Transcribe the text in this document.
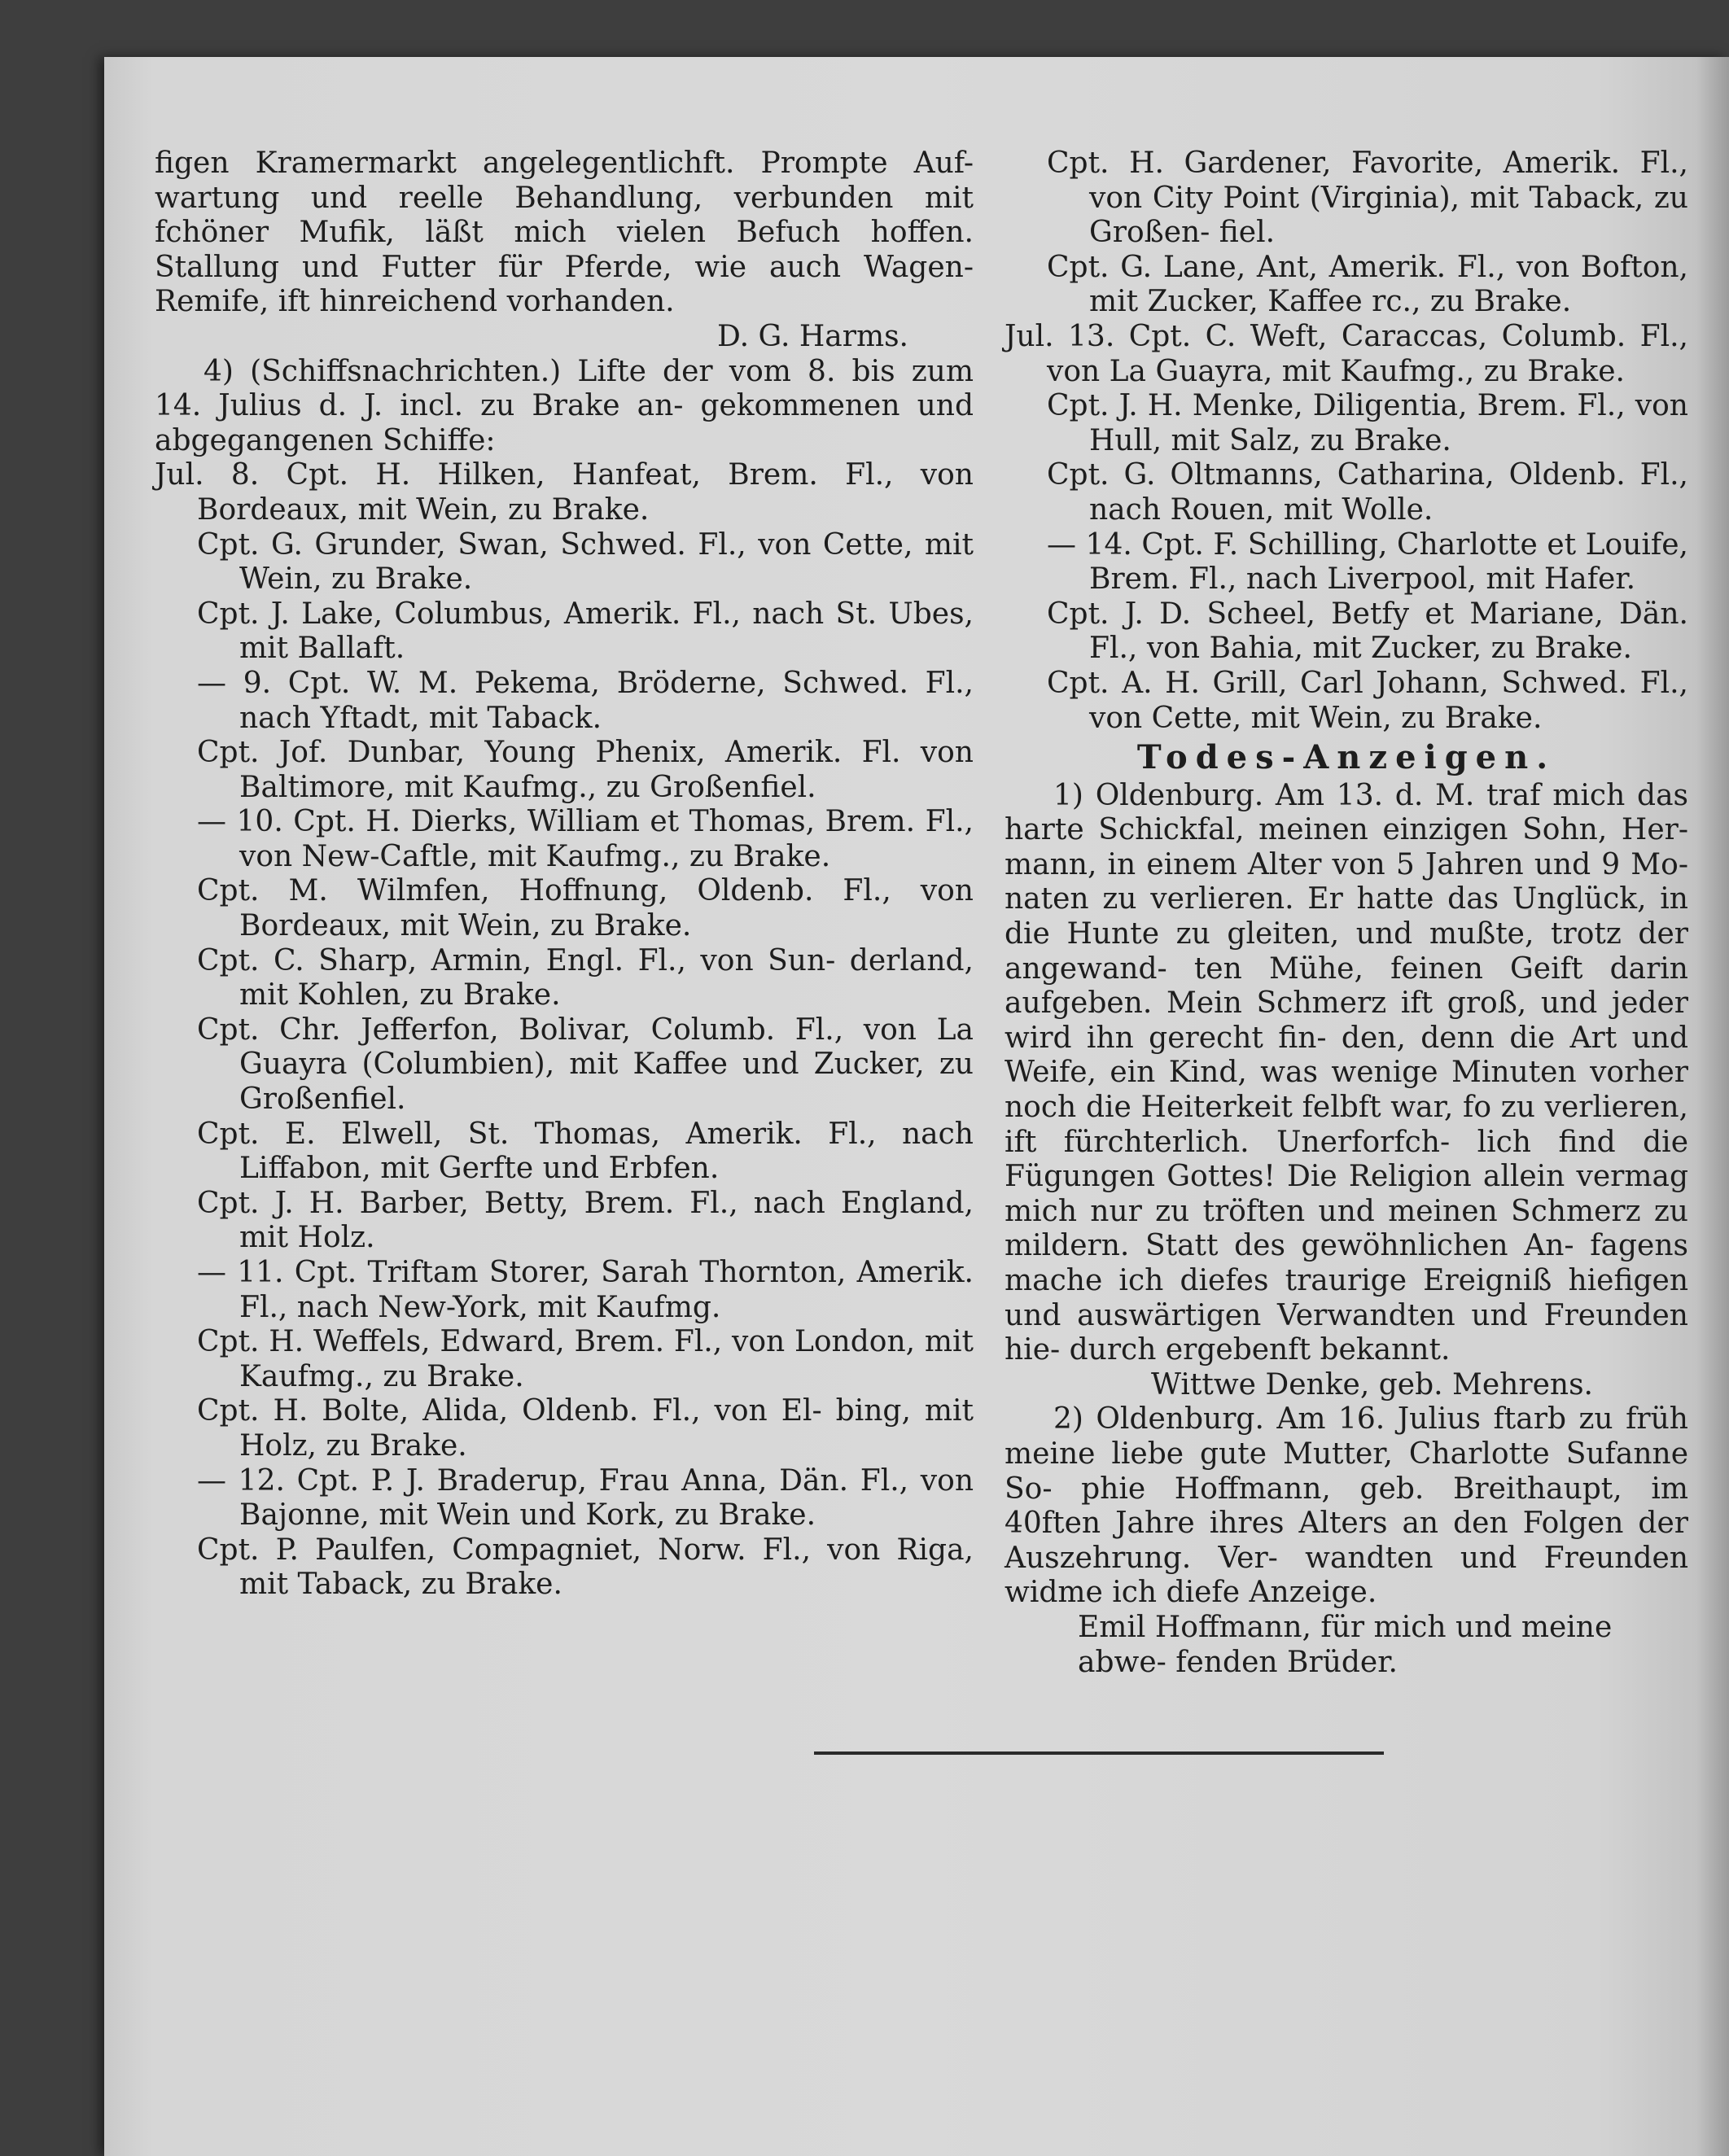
figen Kramermarkt angelegentlichft. Prompte Auf- wartung und reelle Behandlung, verbunden mit fchöner Mufik, läßt mich vielen Befuch hoffen. Stallung und Futter für Pferde, wie auch Wagen- Remife, ift hinreichend vorhanden.

D. G. Harms.

4) (Schiffsnachrichten.) Lifte der vom 8. bis zum 14. Julius d. J. incl. zu Brake an- gekommenen und abgegangenen Schiffe:

Jul. 8. Cpt. H. Hilken, Hanfeat, Brem. Fl., von Bordeaux, mit Wein, zu Brake.

Cpt. G. Grunder, Swan, Schwed. Fl., von Cette, mit Wein, zu Brake.

Cpt. J. Lake, Columbus, Amerik. Fl., nach St. Ubes, mit Ballaft.

— 9. Cpt. W. M. Pekema, Bröderne, Schwed. Fl., nach Yftadt, mit Taback.

Cpt. Jof. Dunbar, Young Phenix, Amerik. Fl. von Baltimore, mit Kaufmg., zu Großenfiel.

— 10. Cpt. H. Dierks, William et Thomas, Brem. Fl., von New-Caftle, mit Kaufmg., zu Brake.

Cpt. M. Wilmfen, Hoffnung, Oldenb. Fl., von Bordeaux, mit Wein, zu Brake.

Cpt. C. Sharp, Armin, Engl. Fl., von Sun- derland, mit Kohlen, zu Brake.

Cpt. Chr. Jefferfon, Bolivar, Columb. Fl., von La Guayra (Columbien), mit Kaffee und Zucker, zu Großenfiel.

Cpt. E. Elwell, St. Thomas, Amerik. Fl., nach Liffabon, mit Gerfte und Erbfen.

Cpt. J. H. Barber, Betty, Brem. Fl., nach England, mit Holz.

— 11. Cpt. Triftam Storer, Sarah Thornton, Amerik. Fl., nach New-York, mit Kaufmg.

Cpt. H. Weffels, Edward, Brem. Fl., von London, mit Kaufmg., zu Brake.

Cpt. H. Bolte, Alida, Oldenb. Fl., von El- bing, mit Holz, zu Brake.

— 12. Cpt. P. J. Braderup, Frau Anna, Dän. Fl., von Bajonne, mit Wein und Kork, zu Brake.

Cpt. P. Paulfen, Compagniet, Norw. Fl., von Riga, mit Taback, zu Brake.

Cpt. H. Gardener, Favorite, Amerik. Fl., von City Point (Virginia), mit Taback, zu Großen- fiel.

Cpt. G. Lane, Ant, Amerik. Fl., von Bofton, mit Zucker, Kaffee rc., zu Brake.

Jul. 13. Cpt. C. Weft, Caraccas, Columb. Fl., von La Guayra, mit Kaufmg., zu Brake.

Cpt. J. H. Menke, Diligentia, Brem. Fl., von Hull, mit Salz, zu Brake.

Cpt. G. Oltmanns, Catharina, Oldenb. Fl., nach Rouen, mit Wolle.

— 14. Cpt. F. Schilling, Charlotte et Louife, Brem. Fl., nach Liverpool, mit Hafer.

Cpt. J. D. Scheel, Betfy et Mariane, Dän. Fl., von Bahia, mit Zucker, zu Brake.

Cpt. A. H. Grill, Carl Johann, Schwed. Fl., von Cette, mit Wein, zu Brake.

Todes-Anzeigen.

1) Oldenburg. Am 13. d. M. traf mich das harte Schickfal, meinen einzigen Sohn, Her- mann, in einem Alter von 5 Jahren und 9 Mo- naten zu verlieren. Er hatte das Unglück, in die Hunte zu gleiten, und mußte, trotz der angewand- ten Mühe, feinen Geift darin aufgeben. Mein Schmerz ift groß, und jeder wird ihn gerecht fin- den, denn die Art und Weife, ein Kind, was wenige Minuten vorher noch die Heiterkeit felbft war, fo zu verlieren, ift fürchterlich. Unerforfch- lich find die Fügungen Gottes! Die Religion allein vermag mich nur zu tröften und meinen Schmerz zu mildern. Statt des gewöhnlichen An- fagens mache ich diefes traurige Ereigniß hiefigen und auswärtigen Verwandten und Freunden hie- durch ergebenft bekannt.

Wittwe Denke, geb. Mehrens.

2) Oldenburg. Am 16. Julius ftarb zu früh meine liebe gute Mutter, Charlotte Sufanne So- phie Hoffmann, geb. Breithaupt, im 40ften Jahre ihres Alters an den Folgen der Auszehrung. Ver- wandten und Freunden widme ich diefe Anzeige.

Emil Hoffmann, für mich und meine abwe- fenden Brüder.
